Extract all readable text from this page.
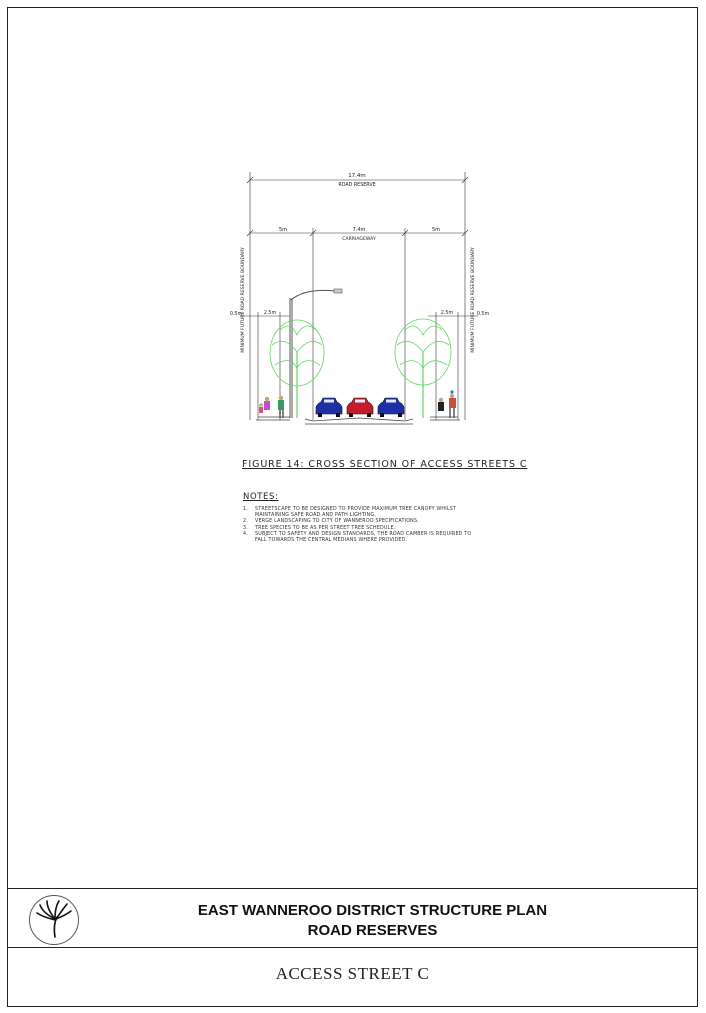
17.4m
ROAD RESERVE
MINIMUM FUTURE ROAD RESERVE BOUNDARY	MINIMUM FUTURE ROAD RESERVE BOUNDARY
5m	7.4m
CARRIAGEWAY
5m
0.5m	2.5m	2.5m	0.5m
FIGURE 14: CROSS SECTION OF ACCESS STREETS C
NOTES:
1. STREETSCAPE TO BE DESIGNED TO PROVIDE MAXIMUM TREE CANOPY WHILST MAINTAINING SAFE ROAD AND PATH LIGHTING.
2. VERGE LANDSCAPING TO CITY OF WANNEROO SPECIFICATIONS.
3. TREE SPECIES TO BE AS PER STREET TREE SCHEDULE.
4. SUBJECT TO SAFETY AND DESIGN STANDARDS, THE ROAD CAMBER IS REQUIRED TO FALL TOWARDS THE CENTRAL MEDIANS WHERE PROVIDED.
EAST WANNEROO DISTRICT STRUCTURE PLAN
ROAD RESERVES
ACCESS STREET C
